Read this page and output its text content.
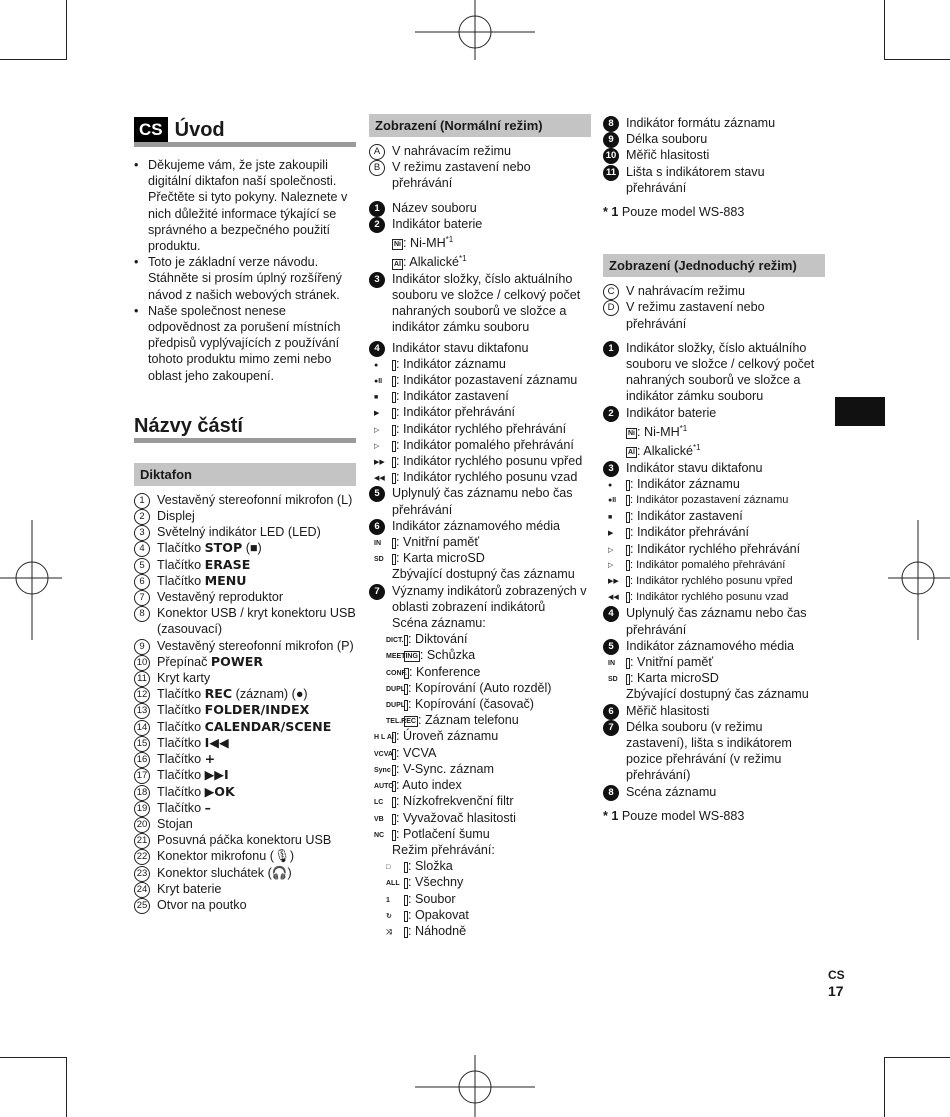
CS Úvod
• Děkujeme vám, že jste zakoupili digitální diktafon naší společnosti. Přečtěte si tyto pokyny. Naleznete v nich důležité informace týkající se správného a bezpečného použití produktu.
• Toto je základní verze návodu. Stáhněte si prosím úplný rozšířený návod z našich webových stránek.
• Naše společnost nenese odpovědnost za porušení místních předpisů vyplývajících z používání tohoto produktu mimo zemi nebo oblast jeho zakoupení.
Názvy částí
Diktafon
1 Vestavěný stereofonní mikrofon (L)
2 Displej
3 Světelný indikátor LED (LED)
4 Tlačítko STOP (■)
5 Tlačítko ERASE
6 Tlačítko MENU
7 Vestavěný reproduktor
8 Konektor USB / kryt konektoru USB (zasouvací)
9 Vestavěný stereofonní mikrofon (P)
10 Přepínač POWER
11 Kryt karty
12 Tlačítko REC (záznam) (●)
13 Tlačítko FOLDER/INDEX
14 Tlačítko CALENDAR/SCENE
15 Tlačítko I◀◀
16 Tlačítko +
17 Tlačítko ▶▶I
18 Tlačítko ▶OK
19 Tlačítko –
20 Stojan
21 Posuvná páčka konektoru USB
22 Konektor mikrofonu (🎙)
23 Konektor sluchátek (🎧)
24 Kryt baterie
25 Otvor na poutko
Zobrazení (Normální režim)
A V nahrávacím režimu
B V režimu zastavení nebo přehrávání
1 Název souboru
2 Indikátor baterie
Ni : Ni-MH$^{*1}$
Al : Alkalické$^{*1}$
3 Indikátor složky, číslo aktuálního souboru ve složce / celkový počet nahraných souborů ve složce a indikátor zámku souboru
4 Indikátor stavu diktafonu
● : Indikátor záznamu
●II : Indikátor pozastavení záznamu
■ : Indikátor zastavení
▶ : Indikátor přehrávání
▷ : Indikátor rychlého přehrávání
▷ : Indikátor pomalého přehrávání
▶▶ : Indikátor rychlého posunu vpřed
◀◀ : Indikátor rychlého posunu vzad
5 Uplynulý čas záznamu nebo čas přehrávání
6 Indikátor záznamového média
IN : Vnitřní paměť
SD : Karta microSD
Zbývající dostupný čas záznamu
7 Významy indikátorů zobrazených v oblasti zobrazení indikátorů
Scéna záznamu:
DICT. : Diktování
MEETING : Schůzka
CONF. : Konference
DUPL : Kopírování (Auto rozděl)
DUPL : Kopírování (časovač)
TEL.REC : Záznam telefonu
H L AI : Úroveň záznamu
VCVA : VCVA
Sync : V-Sync. záznam
AUTO : Auto index
LC : Nízkofrekvenční filtr
VB : Vyvažovač hlasitosti
NC : Potlačení šumu
Režim přehrávání:
□ : Složka
ALL : Všechny
1 : Soubor
↻ : Opakovat
⤨ : Náhodně
8 Indikátor formátu záznamu
9 Délka souboru
10 Měřič hlasitosti
11 Lišta s indikátorem stavu přehrávání
* 1 Pouze model WS-883
Zobrazení (Jednoduchý režim)
C V nahrávacím režimu
D V režimu zastavení nebo přehrávání
1 Indikátor složky, číslo aktuálního souboru ve složce / celkový počet nahraných souborů ve složce a indikátor zámku souboru
2 Indikátor baterie
Ni : Ni-MH$^{*1}$
Al : Alkalické$^{*1}$
3 Indikátor stavu diktafonu
● : Indikátor záznamu
●II : Indikátor pozastavení záznamu
■ : Indikátor zastavení
▶ : Indikátor přehrávání
▷ : Indikátor rychlého přehrávání
▷ : Indikátor pomalého přehrávání
▶▶ : Indikátor rychlého posunu vpřed
◀◀ : Indikátor rychlého posunu vzad
4 Uplynulý čas záznamu nebo čas přehrávání
5 Indikátor záznamového média
IN : Vnitřní paměť
SD : Karta microSD
Zbývající dostupný čas záznamu
6 Měřič hlasitosti
7 Délka souboru (v režimu zastavení), lišta s indikátorem pozice přehrávání (v režimu přehrávání)
8 Scéna záznamu
* 1 Pouze model WS-883
CS
17
